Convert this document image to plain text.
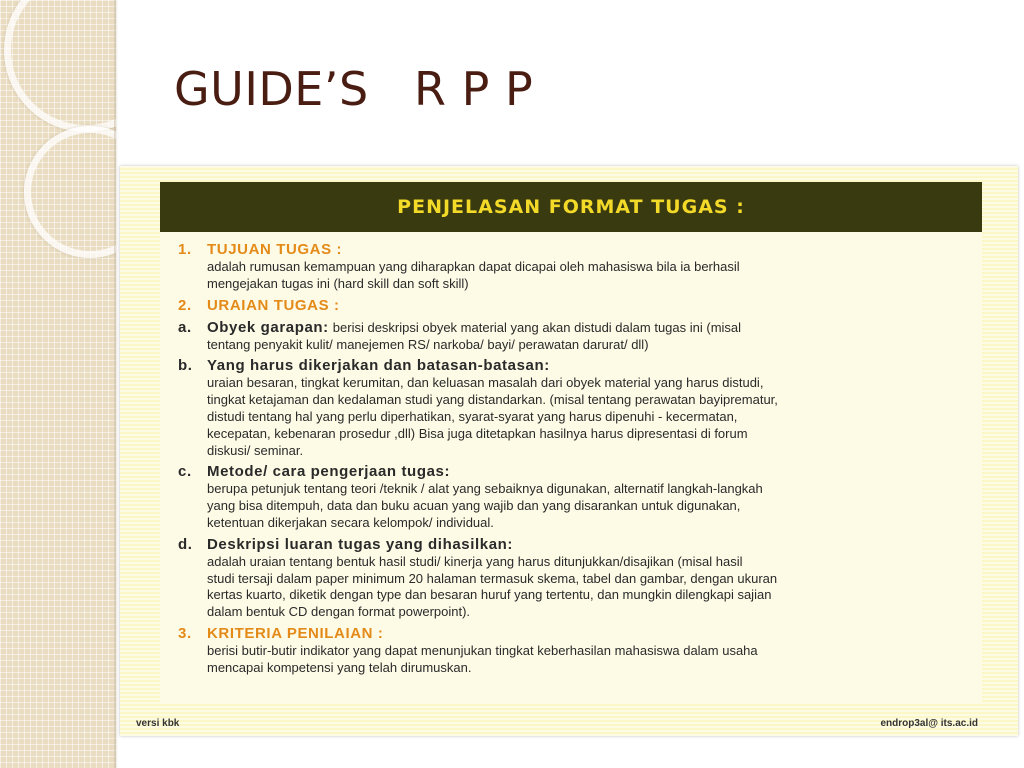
GUIDE’S   R P P
PENJELASAN FORMAT TUGAS :
1.	TUJUAN TUGAS :
adalah rumusan kemampuan yang diharapkan dapat dicapai oleh mahasiswa bila ia berhasil
mengejakan tugas ini (hard skill dan soft skill)
2.	URAIAN TUGAS :
a.	Obyek garapan: berisi deskripsi obyek material yang akan distudi dalam tugas ini (misal
tentang penyakit kulit/ manejemen RS/ narkoba/ bayi/ perawatan darurat/ dll)
b. Yang harus dikerjakan dan batasan-batasan:
uraian besaran, tingkat kerumitan, dan keluasan masalah dari obyek material yang harus distudi,
tingkat ketajaman dan kedalaman studi yang distandarkan. (misal tentang perawatan bayiprematur,
distudi tentang hal yang perlu diperhatikan, syarat-syarat yang harus dipenuhi - kecermatan,
kecepatan, kebenaran prosedur ,dll) Bisa juga ditetapkan hasilnya harus dipresentasi di forum
diskusi/ seminar.
c.	Metode/ cara pengerjaan tugas:
berupa petunjuk tentang teori /teknik / alat yang sebaiknya digunakan, alternatif langkah-langkah
yang bisa ditempuh, data dan buku acuan yang wajib dan yang disarankan untuk digunakan,
ketentuan dikerjakan secara kelompok/ individual.
d. Deskripsi luaran tugas yang dihasilkan:
adalah uraian tentang bentuk hasil studi/ kinerja yang harus ditunjukkan/disajikan (misal hasil
studi tersaji dalam paper minimum 20 halaman termasuk skema, tabel dan gambar, dengan ukuran
kertas kuarto, diketik dengan type dan besaran huruf yang tertentu, dan mungkin dilengkapi sajian
dalam bentuk CD dengan format powerpoint).
3.	KRITERIA PENILAIAN :
berisi butir-butir indikator yang dapat menunjukan tingkat keberhasilan mahasiswa dalam usaha
mencapai kompetensi yang telah dirumuskan.
versi kbk	endrop3al@ its.ac.id
